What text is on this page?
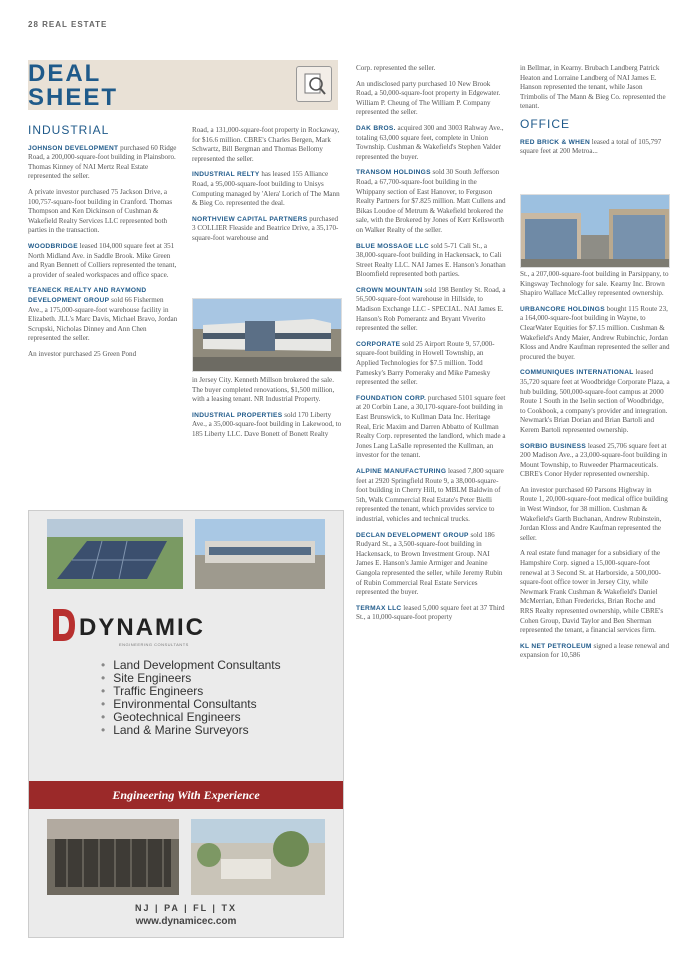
28 REAL ESTATE
DEAL
SHEET
INDUSTRIAL

JOHNSON DEVELOPMENT purchased 60 Ridge Road, a 200,000-square-foot building in Plainsboro. Thomas Kinney of NAI Mertz Real Estate represented the seller.

A private investor purchased 75 Jackson Drive, a 100,757-square-foot building in Cranford. Thomas Thompson and Ken Dickinson of Cushman & Wakefield Realty Services LLC represented both parties in the transaction.

WOODBRIDGE leased 104,000 square feet at 351 North Midland Ave. in Saddle Brook. Mike Green and Ryan Bennett of Colliers represented the tenant, a provider of sealed workspaces and office space.

TEANECK REALTY AND RAYMOND DEVELOPMENT GROUP sold 66 Fishermen Ave., a 175,000-square-foot warehouse facility in Elizabeth. JLL's Marc Davis, Michael Bravo, Jordan Scrupski, Nicholas Dinney and Ann Chen represented the seller.

An investor purchased 25 Green Pond

Road, a 131,000-square-foot property in Rockaway, for $16.6 million. CBRE's Charles Bergen, Mark Schwartz, Bill Bergman and Thomas Bellomy represented the seller.

INDUSTRIAL RELTY has leased 155 Alliance Road, a 95,000-square-foot building to Unisys Computing managed by 'Alera' Lorich of The Mann & Bieg Co. represented the deal.

NORTHVIEW CAPITAL PARTNERS purchased 3 COLLIER Fleaside and Beatrice Drive, a 35,170-square-foot warehouse and

in Jersey City. Kenneth Millson brokered the sale. The buyer completed renovations, $1,500 million, with a leasing tenant. NR Industrial Property.

INDUSTRIAL PROPERTIES sold 170 Liberty Ave., a 35,000-square-foot building in Lakewood, to 185 Liberty LLC. Dave Bonett of Bonett Realty

Corp. represented the seller.

An undisclosed party purchased 10 New Brook Road, a 50,000-square-foot property in Edgewater. William P. Cheung of The William P. Company represented the seller.

DAK BROS. acquired 300 and 3003 Rahway Ave., totaling 63,000 square feet, complete in Union Township. Cushman & Wakefield's Stephen Valder represented the buyer.

TRANSOM HOLDINGS sold 30 South Jefferson Road, a 67,700-square-foot building in the Whippany section of East Hanover, to Ferguson Realty Partners for $7.825 million. Matt Cullens and Bikas Loudoe of Metrum & Wakefield brokered the sale, with the Brokered by Jones of Kerr Kellsworth on Walker Realty of the seller.

BLUE MOSSAGE LLC sold 5-71 Cali St., a 38,000-square-foot building in Hackensack, to Cali Street Realty LLC. NAI James E. Hanson's Jonathan Bloomfield represented both parties.

CROWN MOUNTAIN sold 198 Bentley St. Road, a 56,500-square-foot warehouse in Hillside, to Madison Exchange LLC - SPECIAL. NAI James E. Hanson's Rob Pomerantz and Bryant Viverito represented the seller.

CORPORATE sold 25 Airport Route 9, 57,000-square-foot building in Howell Township, an Applied Technologies for $7.5 million. Todd Pamesky's Barry Pomeraky and Mike Pamesky represented the seller.

FOUNDATION CORP. purchased 5101 square feet at 20 Corbin Lane, a 30,170-square-foot building in East Brunswick, to Kullman Data Inc. Heritage Real, Eric Maxim and Darren Abbatto of Kullman Realty Corp. represented the landlord, which made a Jones Lang LaSalle represented the Kullman, an investor for the tenant.

ALPINE MANUFACTURING leased 7,800 square feet at 2920 Springfield Route 9, a 38,000-square-foot building in Cherry Hill, to MBLM Baldwin of 5th, Walk Commercial Real Estate's Peter Bielli represented the tenant, which provides service to industrial, vehicles and technical trucks.

DECLAN DEVELOPMENT GROUP sold 186 Rudyard St., a 3,500-square-foot building in Hackensack, to Brown Investment Group. NAI James E. Hanson's Jamie Armiger and Jeanine Gangola represented the seller, while Jeremy Rubin of Rubin Commercial Real Estate Services represented the buyer.

TERMAX LLC leased 5,000 square feet at 37 Third St., a 10,000-square-foot property

in Bellmar, in Kearny. Brubach Landberg Patrick Heaton and Lorraine Landberg of NAI James E. Hanson represented the tenant, while Jason Trimbolis of The Mann & Bieg Co. represented the tenant.

OFFICE

RED BRICK & WHEN leased a total of 105,797 square feet at 200 Metroa...

St., a 207,000-square-foot building in Parsippany, to Kingsway Technology for sale. Kearny Inc. Brown Shapiro Wallace McCalley represented ownership.

URBANCORE HOLDINGS bought 115 Route 23, a 164,000-square-foot building in Wayne, to ClearWater Equities for $7.15 million. Cushman & Wakefield's Andy Maier, Andrew Rubinchic, Jordan Kloss and Andre Kaufman represented the seller and procured the buyer.

COMMUNIQUES INTERNATIONAL leased 35,720 square feet at Woodbridge Corporate Plaza, a hub building, 500,000-square-foot campus at 2000 Route 1 South in the Iselin section of Woodbridge, to Cookbook, a company's provider and integration. Newmark's Brian Dorian and Brian Bartoli and Kerem Bartoli represented ownership.

SORBIO BUSINESS leased 25,706 square feet at 200 Madison Ave., a 23,000-square-foot building in Mount Township, to Ruweeder Pharmaceuticals. CBRE's Conor Hyder represented ownership.

An investor purchased 60 Parsons Highway in Route 1, 20,000-square-foot medical office building in West Windsor, for 38 million. Cushman & Wakefield's Garth Buchanan, Andrew Rubinstein, Jordan Kloss and Andre Kaufman represented the seller.

A real estate fund manager for a subsidiary of the Hampshire Corp. signed a 15,000-square-foot renewal at 3 Second St. at Harborside, a 500,000-square-foot office tower in Jersey City, while Newmark Frank Cushman & Wakefield's Daniel McMerrian, Ethan Fredericks, Brian Roche and RRS Realty represented ownership, while CBRE's Cohen Group, David Taylor and Ben Sherman represented the tenant, a financial services firm.

KL NET PETROLEUM signed a lease renewal and expansion for 10,586

DYNAMIC
ENGINEERING CONSULTANTS
• Land Development Consultants
• Site Engineers
• Traffic Engineers
• Environmental Consultants
• Geotechnical Engineers
• Land & Marine Surveyors
Engineering With Experience
NJ | PA | FL | TX
www.dynamicec.com
